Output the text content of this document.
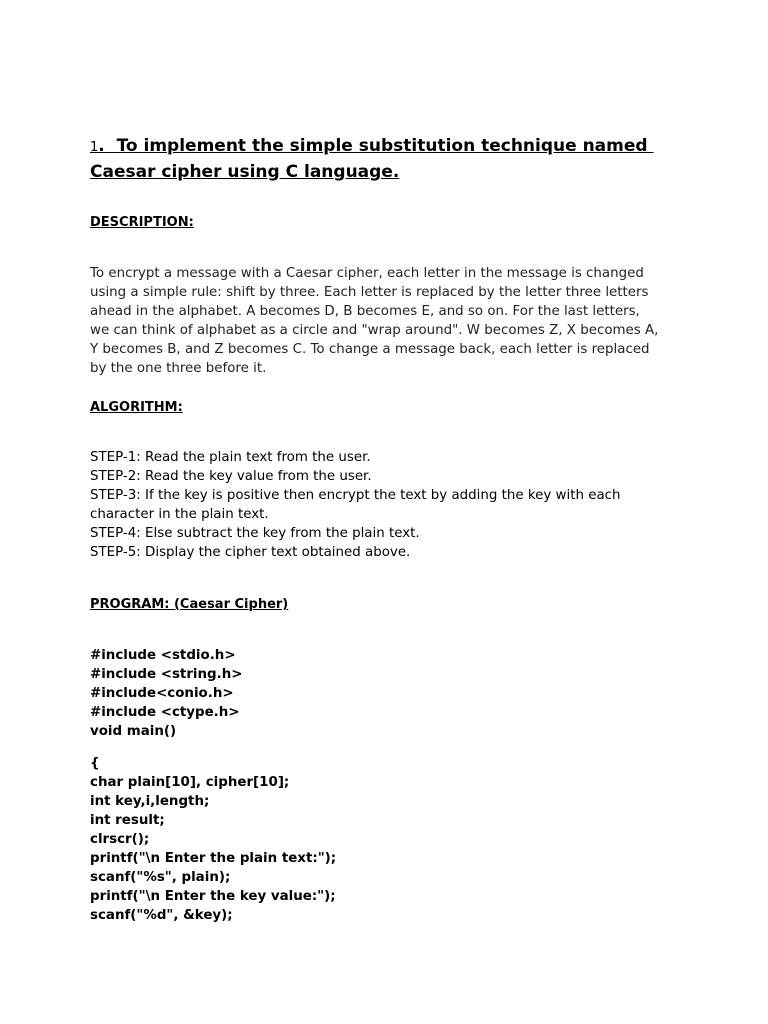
1.  To implement the simple substitution technique named
Caesar cipher using C language.
DESCRIPTION:
To encrypt a message with a Caesar cipher, each letter in the message is changed
using a simple rule: shift by three. Each letter is replaced by the letter three letters
ahead in the alphabet. A becomes D, B becomes E, and so on. For the last letters,
we can think of alphabet as a circle and "wrap around". W becomes Z, X becomes A,
Y becomes B, and Z becomes C. To change a message back, each letter is replaced
by the one three before it.
ALGORITHM:
STEP-1: Read the plain text from the user.
STEP-2: Read the key value from the user.
STEP-3: If the key is positive then encrypt the text by adding the key with each
character in the plain text.
STEP-4: Else subtract the key from the plain text.
STEP-5: Display the cipher text obtained above.
PROGRAM: (Caesar Cipher)
#include <stdio.h>
#include <string.h>
#include<conio.h>
#include <ctype.h>
void main()
{
char plain[10], cipher[10];
int key,i,length;
int result;
clrscr();
printf("\n Enter the plain text:");
scanf("%s", plain);
printf("\n Enter the key value:");
scanf("%d", &key);
